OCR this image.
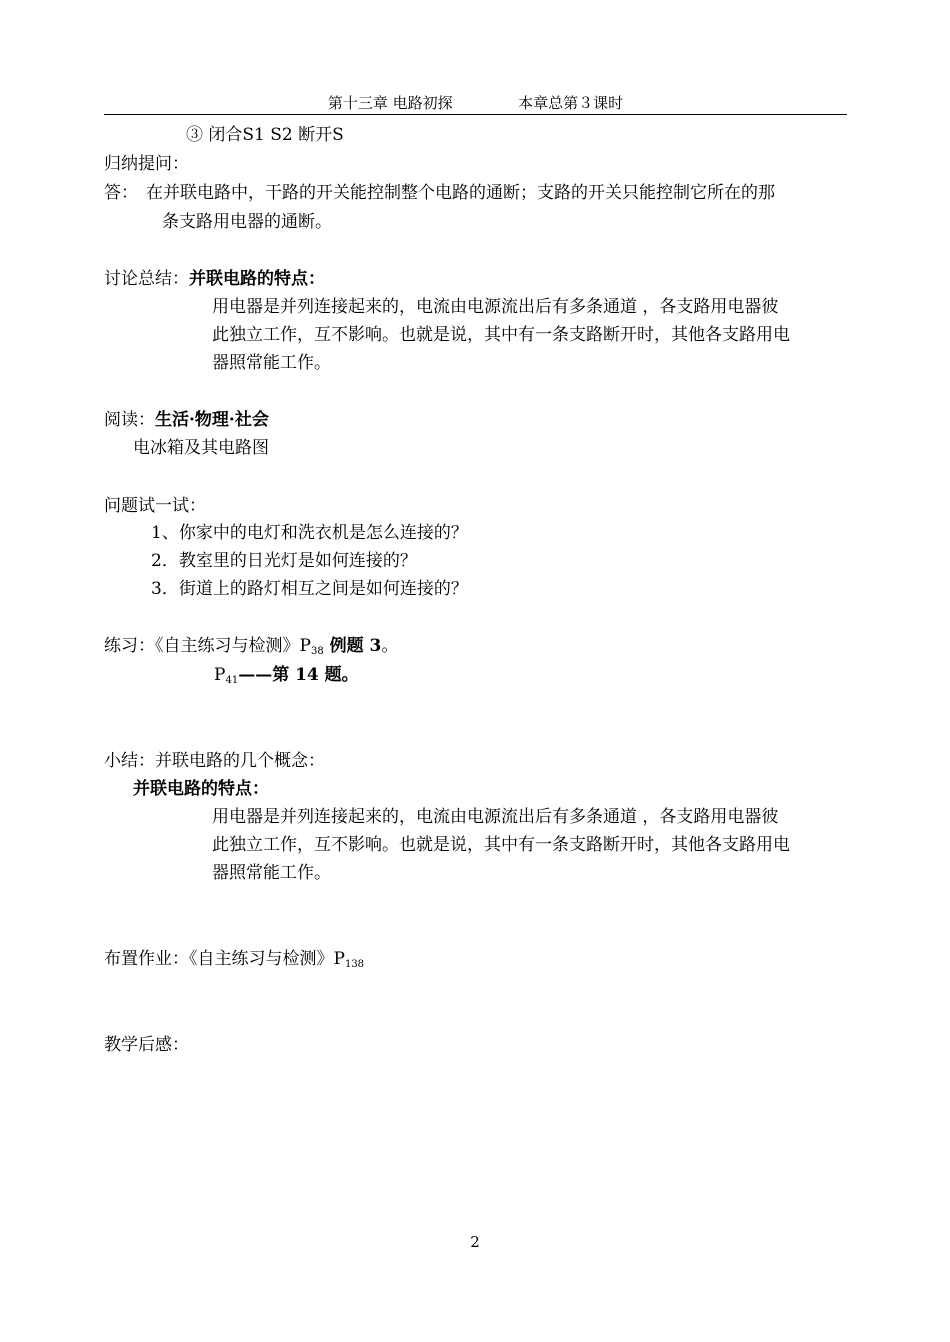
第十三章 电路初探	本章总第３课时
③ 闭合S1 S2 断开S
归纳提问：
答： 在并联电路中，干路的开关能控制整个电路的通断；支路的开关只能控制它所在的那
条支路用电器的通断。
讨论总结：并联电路的特点：
用电器是并列连接起来的，电流由电源流出后有多条通道 ，各支路用电器彼
此独立工作，互不影响。也就是说，其中有一条支路断开时，其他各支路用电
器照常能工作。
阅读：生活·物理·社会
电冰箱及其电路图
问题试一试：
1、你家中的电灯和洗衣机是怎么连接的？
2．教室里的日光灯是如何连接的？
3．街道上的路灯相互之间是如何连接的？
练习：《自主练习与检测》$P_{38}$ 例题 3。
$P_{41}——$第 14 题。
小结：并联电路的几个概念：
并联电路的特点：
用电器是并列连接起来的，电流由电源流出后有多条通道 ，各支路用电器彼
此独立工作，互不影响。也就是说，其中有一条支路断开时，其他各支路用电
器照常能工作。
布置作业：《自主练习与检测》$P_{138}$
教学后感：
2
